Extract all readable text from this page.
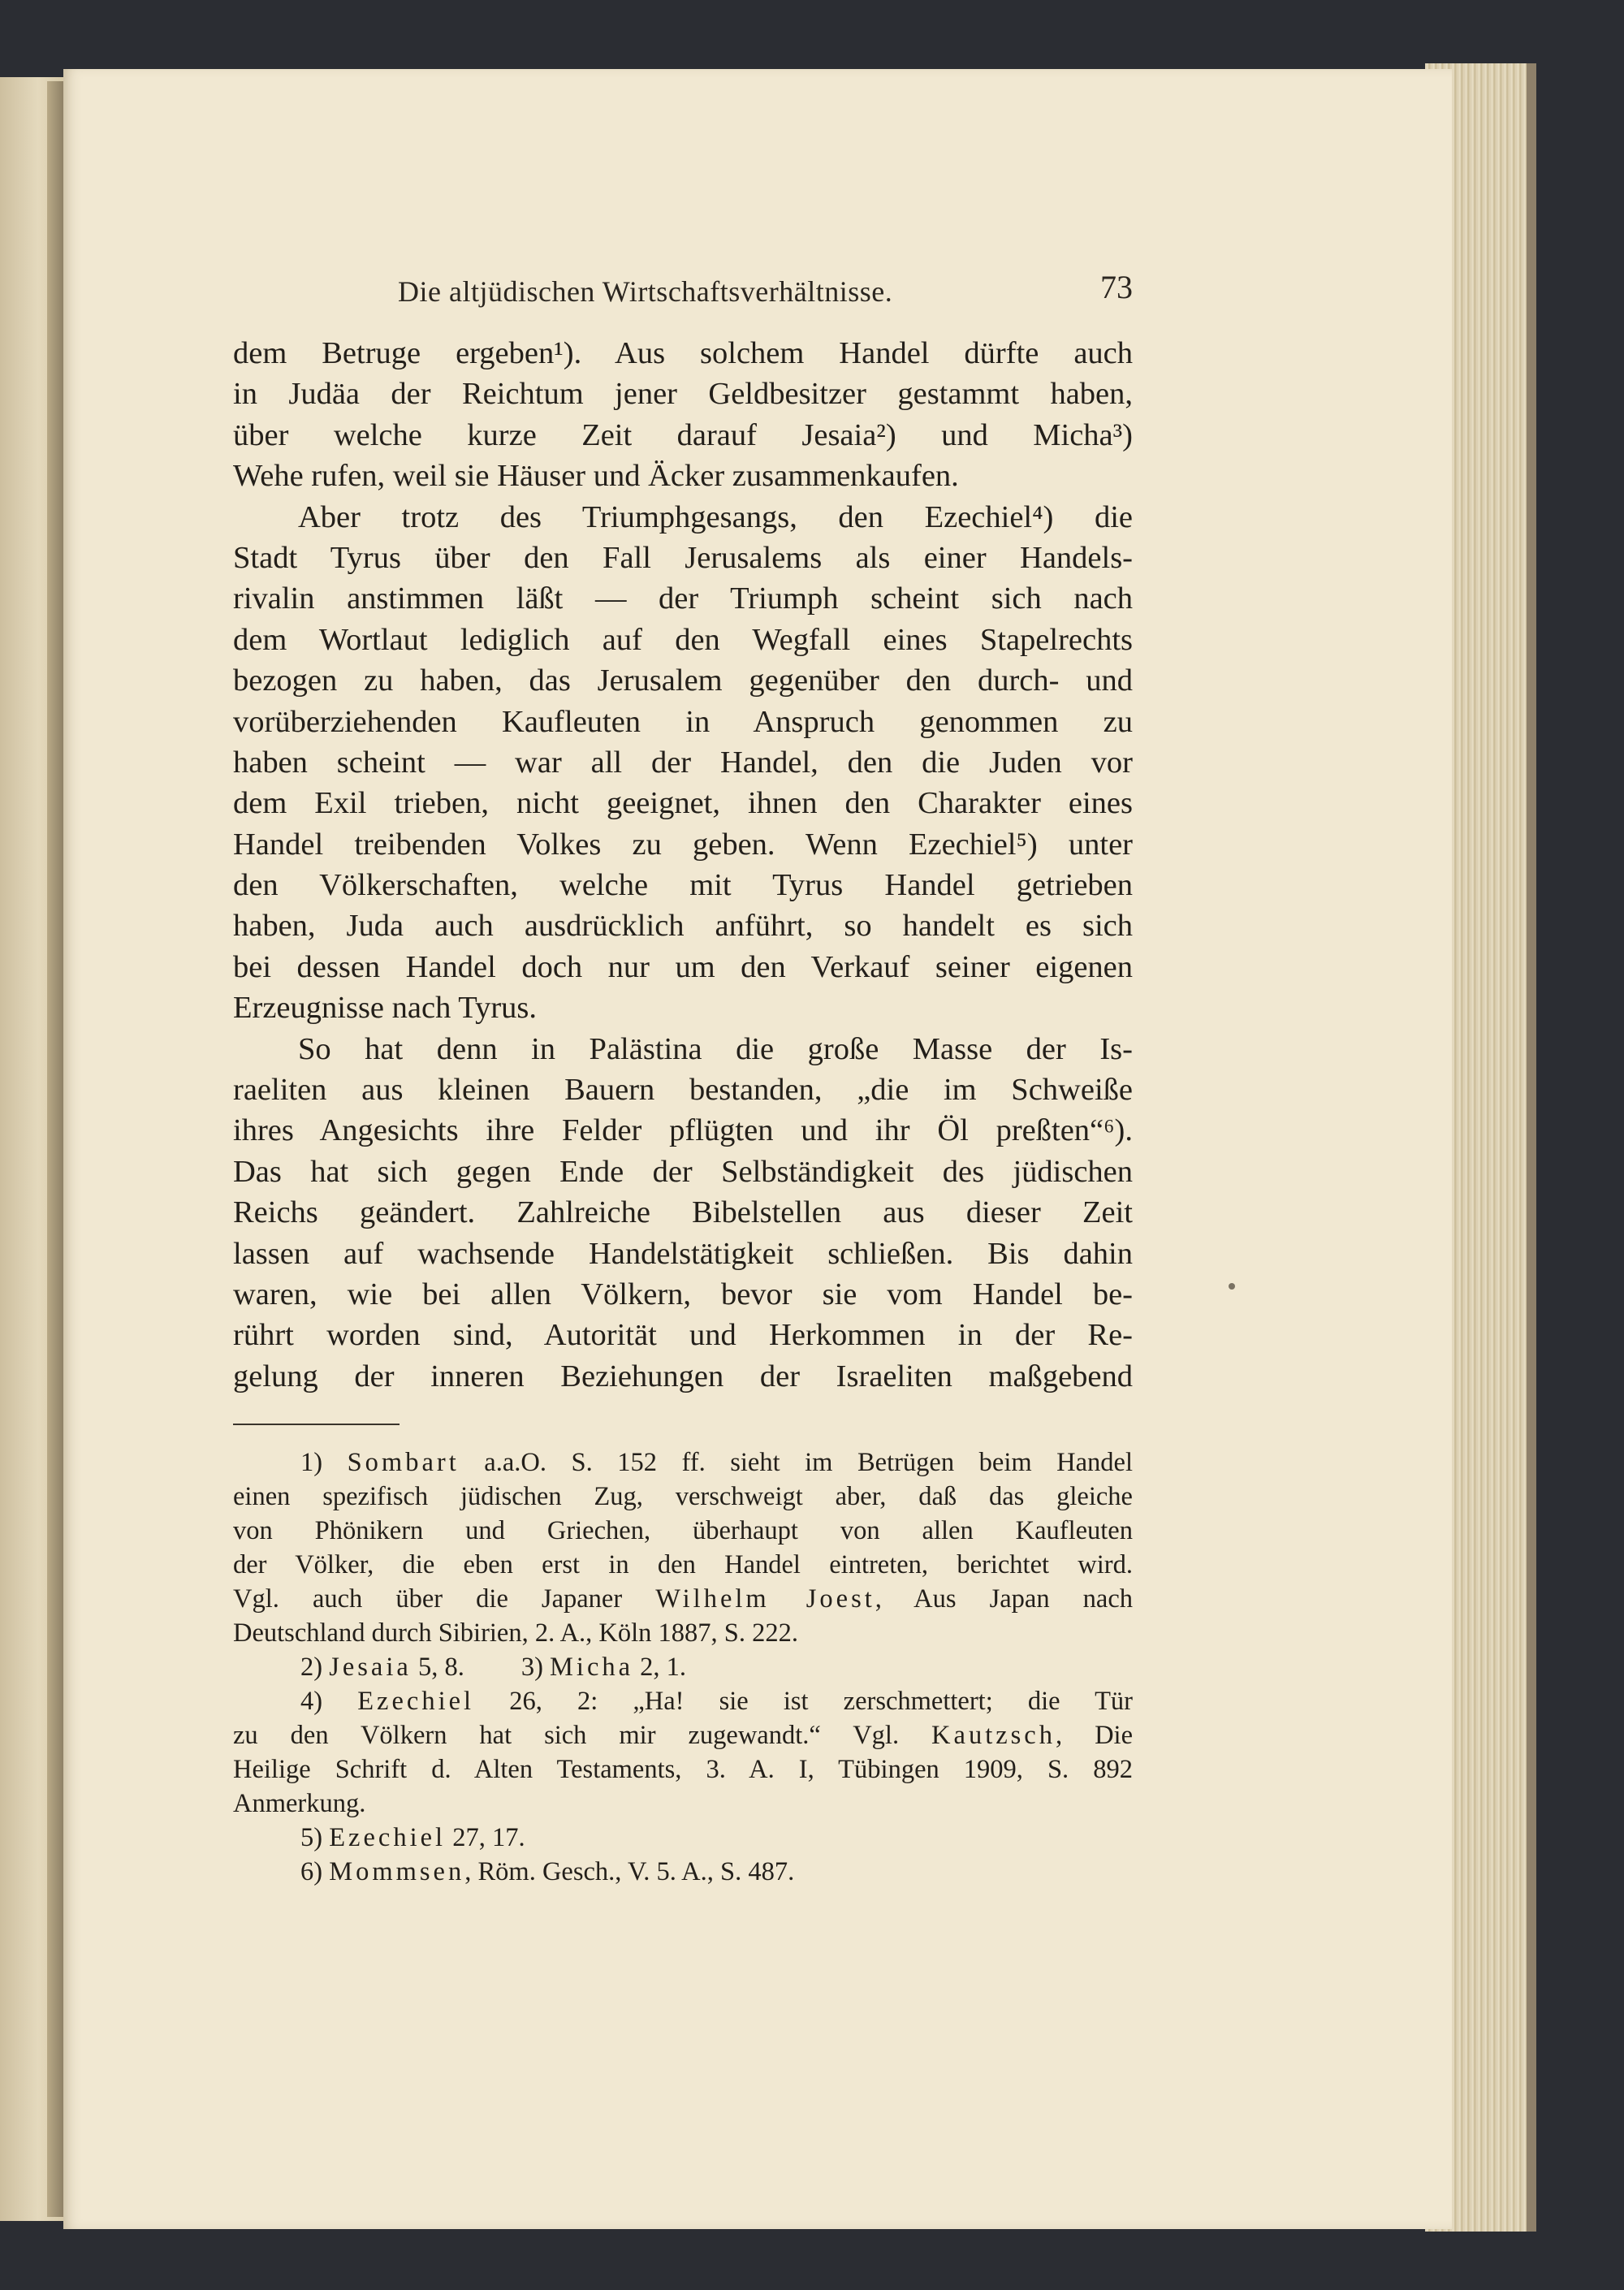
Die altjüdischen Wirtschaftsverhältnisse.	73
dem Betruge ergeben¹). Aus solchem Handel dürfte auch
in Judäa der Reichtum jener Geldbesitzer gestammt haben,
über welche kurze Zeit darauf Jesaia²) und Micha³)
Wehe rufen, weil sie Häuser und Äcker zusammenkaufen.
Aber trotz des Triumphgesangs, den Ezechiel⁴) die
Stadt Tyrus über den Fall Jerusalems als einer Handels-
rivalin anstimmen läßt — der Triumph scheint sich nach
dem Wortlaut lediglich auf den Wegfall eines Stapelrechts
bezogen zu haben, das Jerusalem gegenüber den durch- und
vorüberziehenden Kaufleuten in Anspruch genommen zu
haben scheint — war all der Handel, den die Juden vor
dem Exil trieben, nicht geeignet, ihnen den Charakter eines
Handel treibenden Volkes zu geben. Wenn Ezechiel⁵) unter
den Völkerschaften, welche mit Tyrus Handel getrieben
haben, Juda auch ausdrücklich anführt, so handelt es sich
bei dessen Handel doch nur um den Verkauf seiner eigenen
Erzeugnisse nach Tyrus.
So hat denn in Palästina die große Masse der Is-
raeliten aus kleinen Bauern bestanden, „die im Schweiße
ihres Angesichts ihre Felder pflügten und ihr Öl preßten“⁶).
Das hat sich gegen Ende der Selbständigkeit des jüdischen
Reichs geändert. Zahlreiche Bibelstellen aus dieser Zeit
lassen auf wachsende Handelstätigkeit schließen. Bis dahin
waren, wie bei allen Völkern, bevor sie vom Handel be-
rührt worden sind, Autorität und Herkommen in der Re-
gelung der inneren Beziehungen der Israeliten maßgebend
1) Sombart a.a.O. S. 152 ff. sieht im Betrügen beim Handel
einen spezifisch jüdischen Zug, verschweigt aber, daß das gleiche
von Phönikern und Griechen, überhaupt von allen Kaufleuten
der Völker, die eben erst in den Handel eintreten, berichtet wird.
Vgl. auch über die Japaner Wilhelm Joest, Aus Japan nach
Deutschland durch Sibirien, 2. A., Köln 1887, S. 222.
2) Jesaia 5, 8. 3) Micha 2, 1.
4) Ezechiel 26, 2: „Ha! sie ist zerschmettert; die Tür
zu den Völkern hat sich mir zugewandt.“ Vgl. Kautzsch, Die
Heilige Schrift d. Alten Testaments, 3. A. I, Tübingen 1909, S. 892
Anmerkung.
5) Ezechiel 27, 17.
6) Mommsen, Röm. Gesch., V. 5. A., S. 487.
